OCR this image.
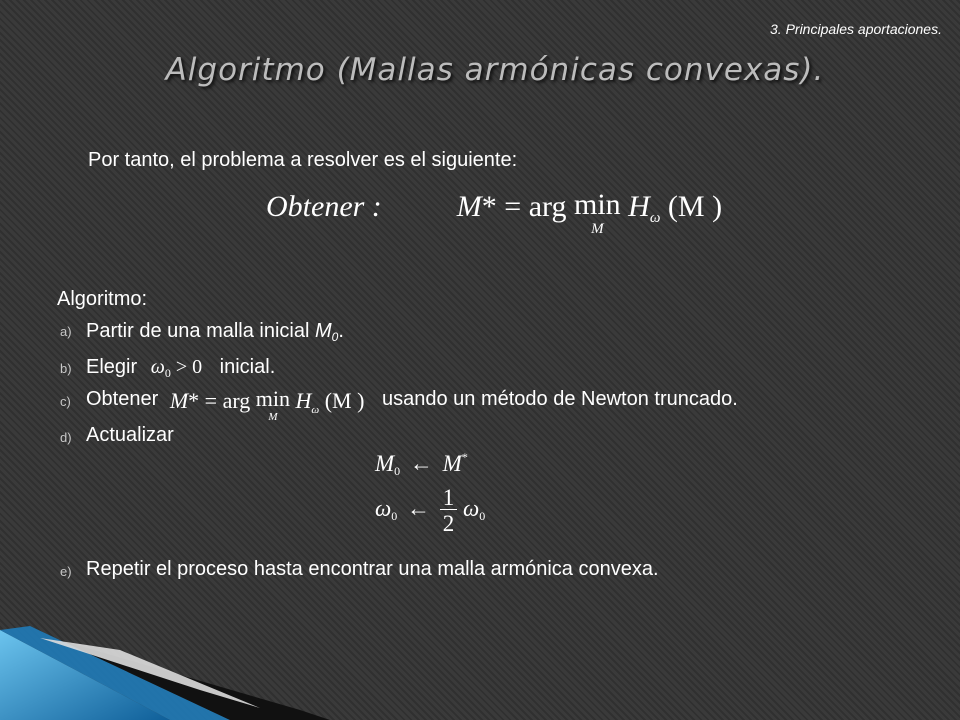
3. Principales aportaciones.
Algoritmo (Mallas armónicas convexas).
Por tanto, el problema a resolver es el siguiente:
Obtener :	M* = arg min
M
$H_\omega$ (M )
Algoritmo:
a) Partir de una malla inicial $M_0$.
b) Elegir $\omega_0 > 0$ inicial.
c) Obtener M* = arg min
M
$H_\omega$ (M ) usando un método de Newton truncado.
d) Actualizar
$M_0$ ← M*
$\omega_0$ ← $\frac{1}{2} \omega_0$
e) Repetir el proceso hasta encontrar una malla armónica convexa.
